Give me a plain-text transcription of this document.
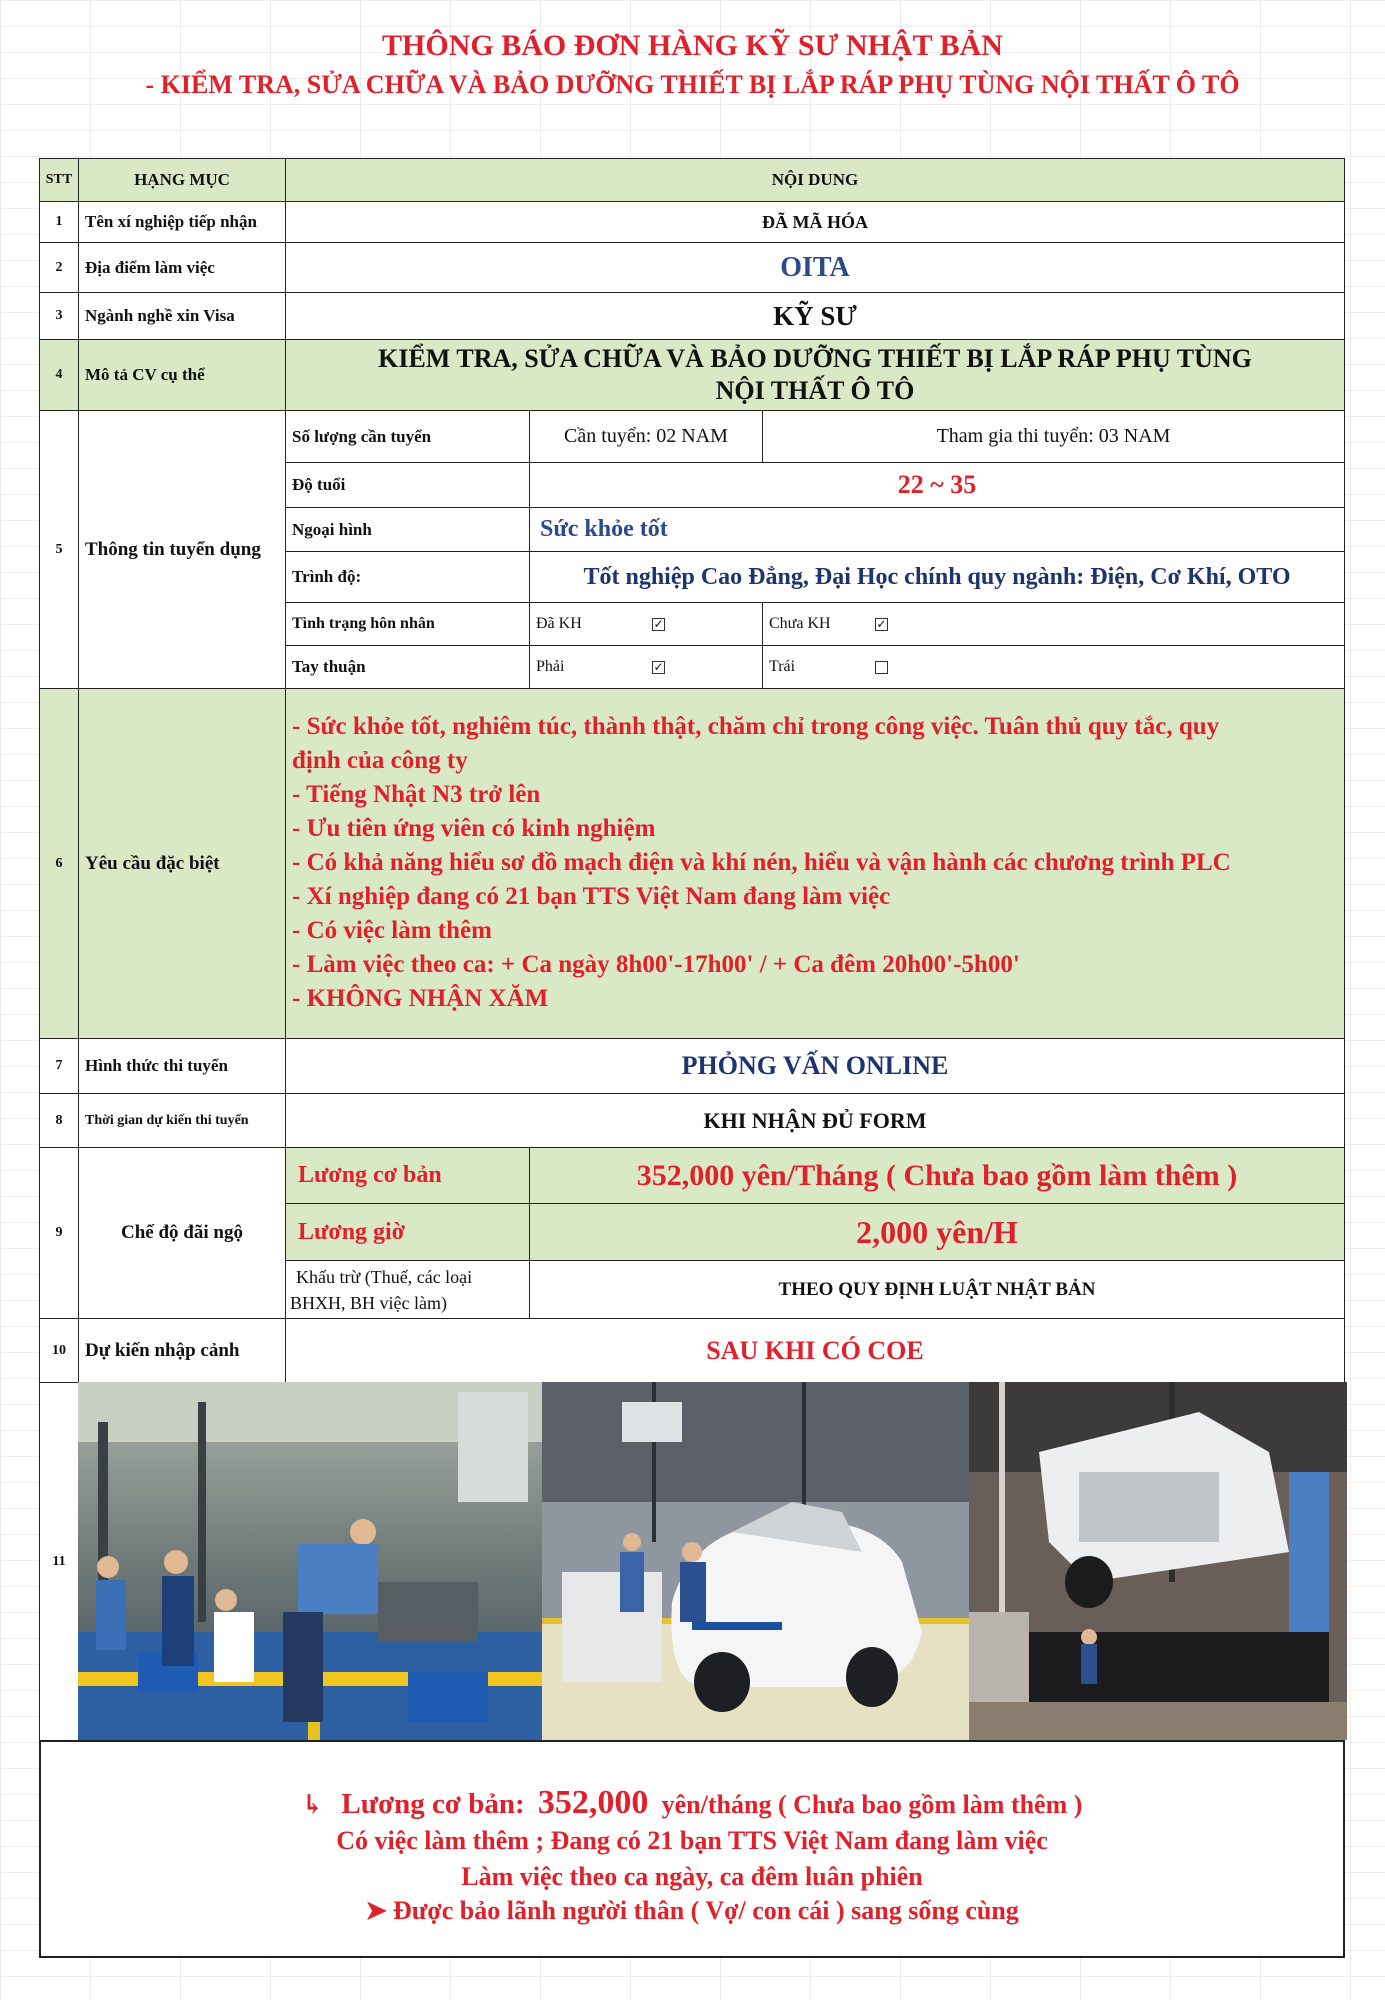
THÔNG BÁO ĐƠN HÀNG KỸ SƯ NHẬT BẢN
- KIỂM TRA, SỬA CHỮA VÀ BẢO DƯỠNG THIẾT BỊ LẮP RÁP PHỤ TÙNG NỘI THẤT Ô TÔ
STT	HẠNG MỤC	NỘI DUNG
1	Tên xí nghiệp tiếp nhận	ĐÃ MÃ HÓA
2	Địa điểm làm việc	OITA
3	Ngành nghề xin Visa	KỸ SƯ
4	Mô tả CV cụ thể
KIỂM TRA, SỬA CHỮA VÀ BẢO DƯỠNG THIẾT BỊ LẮP RÁP PHỤ TÙNG
NỘI THẤT Ô TÔ
5	Thông tin tuyển dụng
Số lượng cần tuyển	Cần tuyển: 02 NAM	Tham gia thi tuyển: 03 NAM
Độ tuổi	22 ~ 35
Ngoại hình	Sức khỏe tốt
Trình độ:	Tốt nghiệp Cao Đẳng, Đại Học chính quy ngành: Điện, Cơ Khí, OTO
Tình trạng hôn nhân	Đã KH	✓	Chưa KH	✓
Tay thuận	Phải	✓	Trái
6	Yêu cầu đặc biệt
- Sức khỏe tốt, nghiêm túc, thành thật, chăm chỉ trong công việc. Tuân thủ quy tắc, quy
định của công ty
- Tiếng Nhật N3 trở lên
- Ưu tiên ứng viên có kinh nghiệm
- Có khả năng hiểu sơ đồ mạch điện và khí nén, hiểu và vận hành các chương trình PLC
- Xí nghiệp đang có 21 bạn TTS Việt Nam đang làm việc
- Có việc làm thêm
- Làm việc theo ca: + Ca ngày 8h00'-17h00' / + Ca đêm 20h00'-5h00'
- KHÔNG NHẬN XĂM
7	Hình thức thi tuyển	PHỎNG VẤN ONLINE
8	Thời gian dự kiến thi tuyển	KHI NHẬN ĐỦ FORM
9	Chế độ đãi ngộ
Lương cơ bản	352,000 yên/Tháng ( Chưa bao gồm làm thêm )
Lương giờ	2,000 yên/H
Khấu trừ (Thuế, các loại
BHXH, BH việc làm)
THEO QUY ĐỊNH LUẬT NHẬT BẢN
10	Dự kiến nhập cảnh	SAU KHI CÓ COE
11
↳ Lương cơ bản: 352,000 yên/tháng ( Chưa bao gồm làm thêm )
Có việc làm thêm ; Đang có 21 bạn TTS Việt Nam đang làm việc
Làm việc theo ca ngày, ca đêm luân phiên
➤ Được bảo lãnh người thân ( Vợ/ con cái ) sang sống cùng
